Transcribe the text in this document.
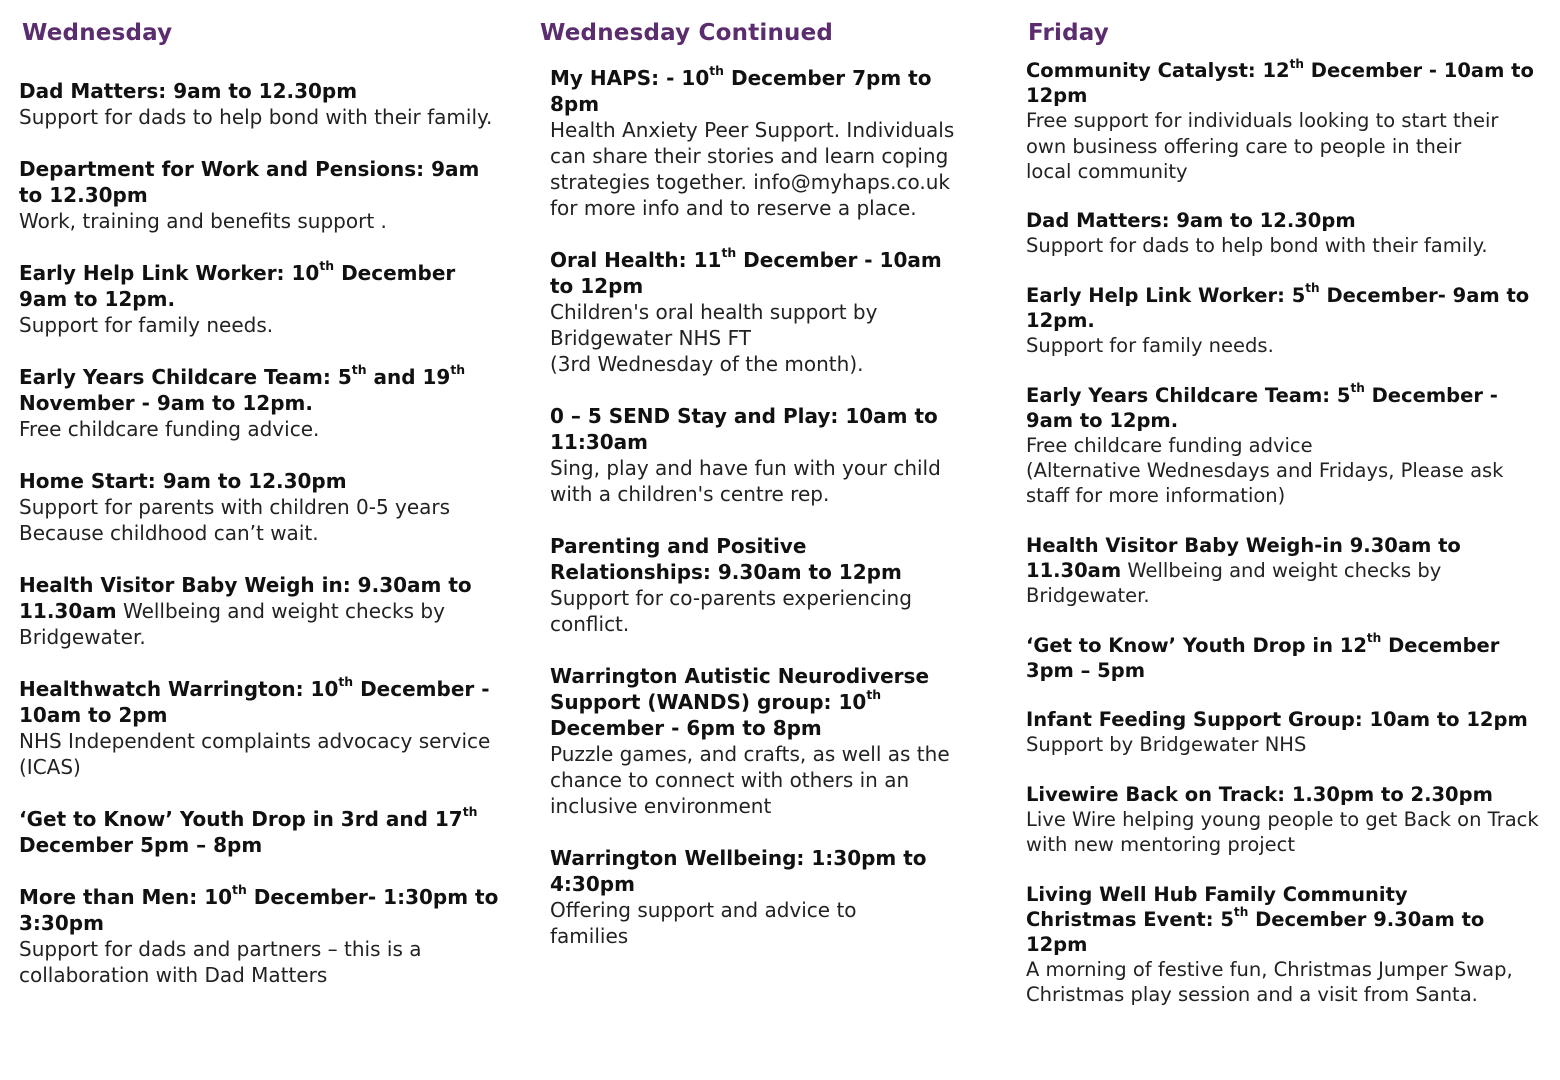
Wednesday
Dad Matters: 9am to 12.30pm
Support for dads to help bond with their family.
Department for Work and Pensions: 9am to 12.30pm
Work, training and benefits support .
Early Help Link Worker: 10th December 9am to 12pm.
Support for family needs.
Early Years Childcare Team: 5th and 19th November - 9am to 12pm.
Free childcare funding advice.
Home Start: 9am to 12.30pm
Support for parents with children 0-5 years Because childhood can’t wait.
Health Visitor Baby Weigh in: 9.30am to 11.30am Wellbeing and weight checks by Bridgewater.
Healthwatch Warrington: 10th December - 10am to 2pm
NHS Independent complaints advocacy service (ICAS)
‘Get to Know’ Youth Drop in 3rd and 17th December 5pm – 8pm
More than Men: 10th December- 1:30pm to 3:30pm
Support for dads and partners – this is a collaboration with Dad Matters
Wednesday Continued
My HAPS: - 10th December 7pm to 8pm
Health Anxiety Peer Support. Individuals can share their stories and learn coping strategies together. info@myhaps.co.uk for more info and to reserve a place.
Oral Health: 11th December - 10am to 12pm
Children's oral health support by Bridgewater NHS FT
(3rd Wednesday of the month).
0 – 5 SEND Stay and Play: 10am to 11:30am
Sing, play and have fun with your child with a children's centre rep.
Parenting and Positive Relationships: 9.30am to 12pm
Support for co-parents experiencing conflict.
Warrington Autistic Neurodiverse Support (WANDS) group: 10th December - 6pm to 8pm
Puzzle games, and crafts, as well as the chance to connect with others in an inclusive environment
Warrington Wellbeing: 1:30pm to 4:30pm
Offering support and advice to families
Friday
Community Catalyst: 12th December - 10am to 12pm
Free support for individuals looking to start their own business offering care to people in their local community
Dad Matters: 9am to 12.30pm
Support for dads to help bond with their family.
Early Help Link Worker: 5th December- 9am to 12pm.
Support for family needs.
Early Years Childcare Team: 5th December - 9am to 12pm.
Free childcare funding advice
(Alternative Wednesdays and Fridays, Please ask staff for more information)
Health Visitor Baby Weigh-in 9.30am to 11.30am Wellbeing and weight checks by Bridgewater.
‘Get to Know’ Youth Drop in 12th December 3pm – 5pm
Infant Feeding Support Group: 10am to 12pm
Support by Bridgewater NHS
Livewire Back on Track: 1.30pm to 2.30pm
Live Wire helping young people to get Back on Track with new mentoring project
Living Well Hub Family Community Christmas Event: 5th December 9.30am to 12pm
A morning of festive fun, Christmas Jumper Swap, Christmas play session and a visit from Santa.
